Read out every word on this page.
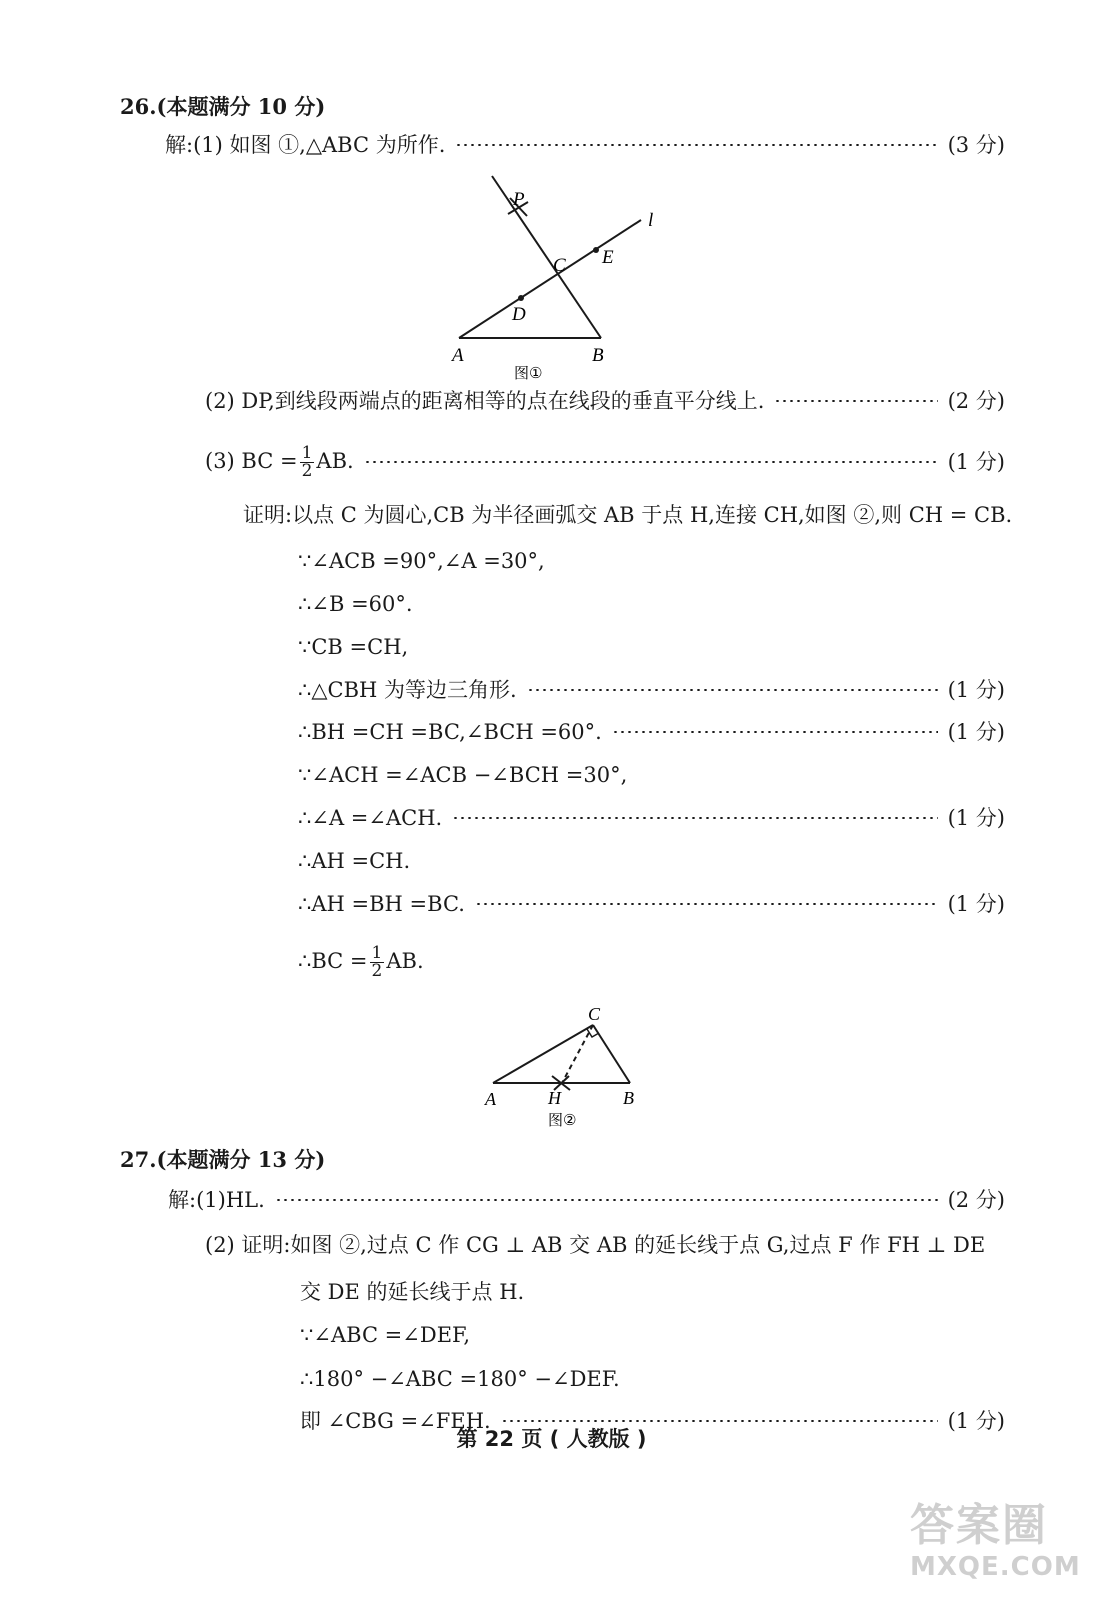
26.(本题满分 10 分)
解:(1) 如图 ①,△ABC 为所作.	(3 分)
P
l
C E
D
A	B
图①
(2) DP,到线段两端点的距离相等的点在线段的垂直平分线上.	(2 分)
(3) BC = $\frac{1}{2}$ AB.	(1 分)
证明:以点 C 为圆心,CB 为半径画弧交 AB 于点 H,连接 CH,如图 ②,则 CH = CB.
∵∠ACB =90°,∠A =30°,
∴∠B =60°.
∵CB =CH,
∴△CBH 为等边三角形.	(1 分)
∴BH =CH =BC,∠BCH =60°.	(1 分)
∵∠ACH =∠ACB −∠BCH =30°,
∴∠A =∠ACH.	(1 分)
∴AH =CH.
∴AH =BH =BC.	(1 分)
∴BC = $\frac{1}{2}$ AB.
C
A	H	B
图②
27.(本题满分 13 分)
解:(1)HL.	(2 分)
(2) 证明:如图 ②,过点 C 作 CG ⊥ AB 交 AB 的延长线于点 G,过点 F 作 FH ⊥ DE
交 DE 的延长线于点 H.
∵∠ABC =∠DEF,
∴180° −∠ABC =180° −∠DEF.
即 ∠CBG =∠FEH.	(1 分)
第 22 页 ( 人教版 )
答案圈
MXQE.COM
